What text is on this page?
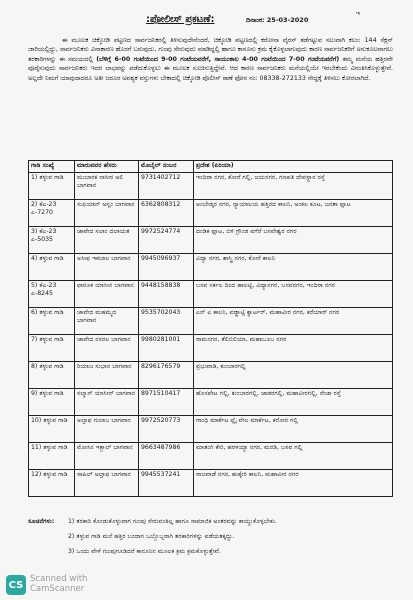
:ಪೋಲೀಸ್ ಪ್ರಕಟಣೆ:	ದಿನಾಂಕ: 25-03-2020
ಇ
ಈ ಮೂಲಕ ಚಿಕ್ಕೋಡಿ ಪಟ್ಟಣದ ಸಾರ್ವಜನಿಕರಲ್ಲಿ ತಿಳಿಸುವುದೇನೆಂದರೆ, ಚಿಕ್ಕೋಡಿ ಪಟ್ಟಣದಲ್ಲಿ ಕರೋನಾ ವೈರಸ್ ತಡೆಗಟ್ಟುವ ಸಲುವಾಗಿ ಕಲಂ: 144 ಸೆಕ್ಷನ್ ಜಾರಿಯಲ್ಲಿದ್ದು, ಸಾರ್ವಜನಿಕರು ವಿನಾಕಾರಣ ಹೊರಗೆ ಬರುವುದು, ಗುಂಪು ಸೇರುವುದು ಮಾಡಿದ್ದಲ್ಲಿ ಹಾಗೂ ಕಾನೂನು ಕ್ರಮ ಕೈಕೊಳ್ಳಲಾಗುವುದು ಕಾರಣ ಸಾರ್ವಜನಿಕರಿಗೆ ಅನುಕೂಲವಾಗಲು ತರಕಾರಿಗಳನ್ನು ಈ ಸಮಯದಲ್ಲಿ (ಬೆಳಿಗ್ಗೆ 6-00 ಗಂಟೆಯಿಂದ 9-00 ಗಂಟೆಯವರೆಗೆ, ಸಾಯಂಕಾಲ 4-00 ಗಂಟೆಯಿಂದ 7-00 ಗಂಟೆಯವರೆಗೆ) ತಮ್ಮ ಮನೆಯ ಹತ್ತಿರವೇ ಪೂರೈಸುವುದು ಸಾರ್ವಜನಿಕರು ಇದರ ಲಾಭವನ್ನು ಪಡೆದುಕೊಳ್ಳಲು ಈ ಮೂಲಕ ಸೂಚಿಸುತ್ತಿದ್ದೇವೆ. ಆದ ಕಾರಣ ಸಾರ್ವಜನಿಕರು ಮನೆಯಲ್ಲಿಯೇ ಇರಬೇಕೆಂದು ವಿನಂತಿಸಿಕೊಳ್ಳುತ್ತೇವೆ. ಅಲ್ಲದೇ ನಿಮಗೆ ಯಾವುದಾದರೂ ಅತೀ ಜರೂರ ಅವಶ್ಯಕ ವಸ್ತುಗಳು ಬೇಕಾದಲ್ಲಿ ಚಿಕ್ಕೋಡಿ ಪೊಲೀಸ್ ಠಾಣೆ ಫೋನ ನಂ: 08338-272133 ನೇದ್ದಕ್ಕೆ ತಿಳಿಸಲು ಕೋರಲಾಗಿದೆ.
ಗಾಡಿ ಸಂಖ್ಯೆ	ಮಾರುವವರ ಹೆಸರು	ಮೊಬೈಲ್ ನಂಬರ	ಪ್ರದೇಶ (ಏರಿಯಾ)
1) ತಳ್ಳುವ ಗಾಡಿ	ಮುಬಾರಕ ನಾಸೀರ ಅಲಿ ಬಾಗವಾನ	9731402712	ಇಂದಿರಾ ನಗರ, ಕೋರೆ ಗಲ್ಲಿ, ಜಯನಗರ, ಗಣಪತಿ ದೇವಸ್ಥಾನ ರಸ್ತೆ
2) ಕೆಎ-23 ಎ-7270	ಸುಫಿಯಾನ್ ಅಸ್ಲಂ ಬಾಗವಾನ	6362808312	ಅಂಬೇಡ್ಕರ ನಗರ, ನ್ಯಾಯಾಲಯ ಹತ್ತಿರದ ಕಾಲನಿ, ಅಂಕಲ ಕೂಟ, ಜನತಾ ಪ್ಲಾಟ
3) ಕೆಎ-23 ಎ-5035	ಜಾವೇದ ಸಲಾಂ ದಲಾಯತ	9972524774	ದಂಡಿಕ ಪ್ಲಾಟ, ಬಿಳಿ ಗ್ರೌಂಡ ವಗೆರೆ ಬಸವೇಶ್ವರ ನಗರ
4) ತಳ್ಳುವ ಗಾಡಿ	ಅಸೀಫ ಇಕಬಾಲ ಬಾಗವಾನ	9945096937	ವಿದ್ಯಾ ನಗರ, ಶಾಸ್ತ್ರಿ ನಗರ, ಕೋರೆ ಕಾಲನಿ
5) ಕೆಎ-23 ಎ-8245	ಫಾರೂಕ ಯಾಸೀನ ಬಾಗವಾನ	9448158838	ಬಸವ ಸರ್ಕಲ ದಿಂದ ಹಾಲಟ್ಟಿ, ವಿದ್ಯಾನಗರ, ಬಸವನಗರ, ಇಂದಿರಾ ನಗರ
6) ತಳ್ಳುವ ಗಾಡಿ	ಜಾವೇದ ಮಹಮ್ಮದ ಬಾಗವಾನ	9535702043	ಎನ್ ಎ ಕಾಲನಿ, ವಡ್ಡಾಟ್ಟಿ ಕ್ವಾರ್ಟರ್, ಮಹಾವೀರ ನಗರ, ಕರೆಯಾರ್ ನಗರ
7) ತಳ್ಳುವ ಗಾಡಿ	ಜಾವೇದ ನಸರಲ ಬಾಗವಾನ	9980281001	ರಾಮನಗರ, ತೆಲಿಬಿಲಿಯಾ, ಮಹಾಬೂಬ ನಗರ
8) ತಳ್ಳುವ ಗಾಡಿ	ರಿಯಾಜ ಸುಭಾನ ಬಾಗವಾನ	8296176579	ಪ್ರಭುವಾಡಿ, ಕುಂಬಾರಗಲ್ಲಿ
9) ತಳ್ಳುವ ಗಾಡಿ	ಸಲ್ಮಾನ್ ಯಾಸೀನ್ ಬಾಗವಾನ	8971510417	ಹೊಸಪೇಟ ಗಲ್ಲಿ, ಕುಂಬಾರಗಲ್ಲಿ, ಜಾಡರಗಲ್ಲಿ, ಮಹಾವೀರಗಲ್ಲಿ, ನೇಜಾ ರಸ್ತೆ
10) ತಳ್ಳುವ ಗಾಡಿ	ಅಲ್ತಾಫ ಗುಲಾಬ ಬಾಗವಾನ	9972520773	ಗಾಂಧಿ ಮಾರ್ಕೆಟ ಪ್ಲೈ ವೇಲ ಮಾರ್ಕೆಟ, ಕರೋರ ಗಲ್ಲಿ
11) ತಳ್ಳುವ ಗಾಡಿ	ಮೋಸಿನ ಇಕ್ಬಾಲ್ ಬಾಗವಾನ	9663487986	ಮಾತಂಗಿ ಕೇರಿ, ಹರಳಯ್ಯಾ ನಗರ, ಮರಡಿ, ಬಸವ ಗಲ್ಲಿ
12) ತಳ್ಳುವ ಗಾಡಿ	ಸಾಹಿಲ್ ಅಲ್ತಾಫ ಬಾಗವಾನ	9945537241	ರಾಜವಾಡೆ ನಗರ, ಹುಕ್ಕೇರಿ ಕಾಲನಿ, ಮಹಾವೀರ ನಗರ
ಸೂಚನೆಗಳು:	1) ತರಕಾರಿ ಕೊಂಡುಕೊಳ್ಳುವಾಗ ಗುಂಪು ಸೇರುವಂತಿಲ್ಲ ಹಾಗೂ ಸಾಮಾಜಿಕ ಅಂತರವನ್ನು ಕಾಯ್ದುಕೊಳ್ಳಬೇಕು.
2) ತಳ್ಳುವ ಗಾಡಿ ಮನೆ ಹತ್ತಿರ ಬಂದಾಗ ಒಬ್ಬೊಬ್ಬರಾಗಿ ತರಕಾರಿಗಳನ್ನು ಪಡೆಯತಕ್ಕದ್ದು.
3) ಒಂದು ವೇಳೆ ಗುಂಪುಗೂಡಿದರೆ ಕಾನೂನಿನ ಮೂಲಕ ಕ್ರಮ ಕ್ರಮಕೊಳ್ಳುತ್ತೇವೆ.
CS
Scanned with
CamScanner
